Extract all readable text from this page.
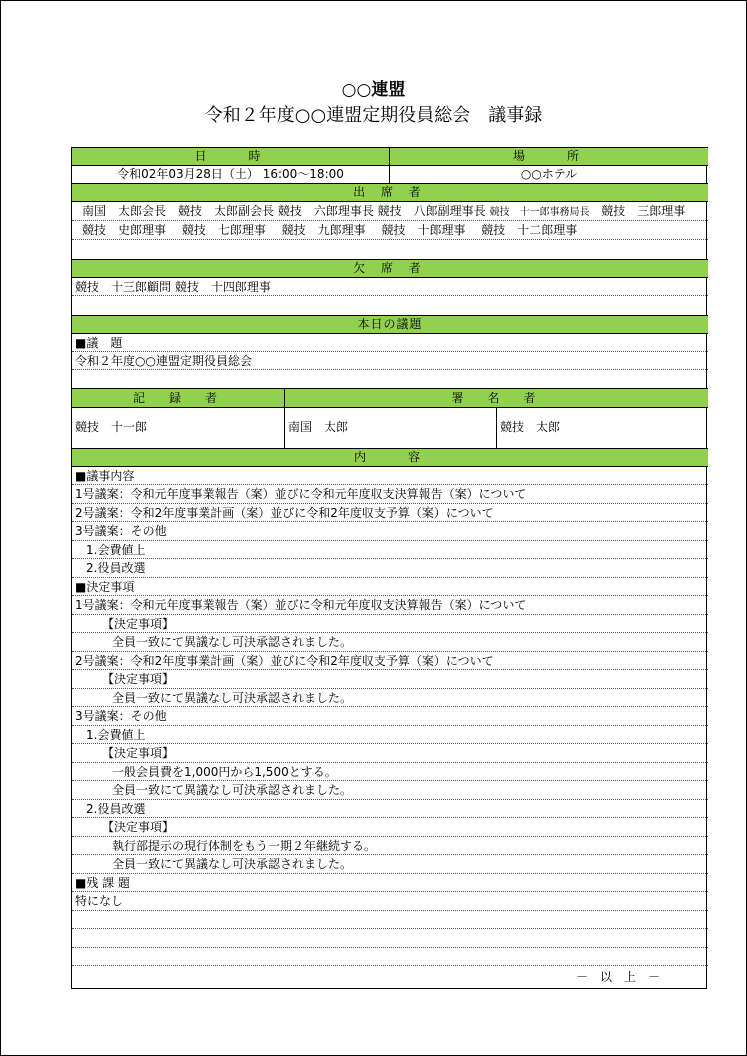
○○連盟
令和２年度○○連盟定期役員総会　議事録
日　　時	場　　所
令和02年03月28日（土） 16:00～18:00	○○ホテル
出 席 者
南国　太郎会長　競技　太郎副会長 競技　六郎理事長 競技　八郎副理事長 競技　十一郎事務局長 競技　三郎理事
競技　史郎理事　 競技　七郎理事　 競技　九郎理事　 競技　十郎理事　 競技　十二郎理事
欠 席 者
競技　十三郎顧問 競技　十四郎理事
本日の議題
■議　題
令和２年度○○連盟定期役員総会
記　録　者	署　名　者
競技　十一郎	南国　太郎	競技　太郎
内　　容
■議事内容
1号議案：令和元年度事業報告（案）並びに令和元年度収支決算報告（案）について
2号議案：令和2年度事業計画（案）並びに令和2年度収支予算（案）について
3号議案：その他
1.会費値上
2.役員改選
■決定事項
1号議案：令和元年度事業報告（案）並びに令和元年度収支決算報告（案）について
【決定事項】
全員一致にて異議なし可決承認されました。
2号議案：令和2年度事業計画（案）並びに令和2年度収支予算（案）について
【決定事項】
全員一致にて異議なし可決承認されました。
3号議案：その他
1.会費値上
【決定事項】
一般会員費を1,000円から1,500とする。
全員一致にて異議なし可決承認されました。
2.役員改選
【決定事項】
執行部提示の現行体制をもう一期２年継続する。
全員一致にて異議なし可決承認されました。
■残 課 題
特になし
－　以　上　－
